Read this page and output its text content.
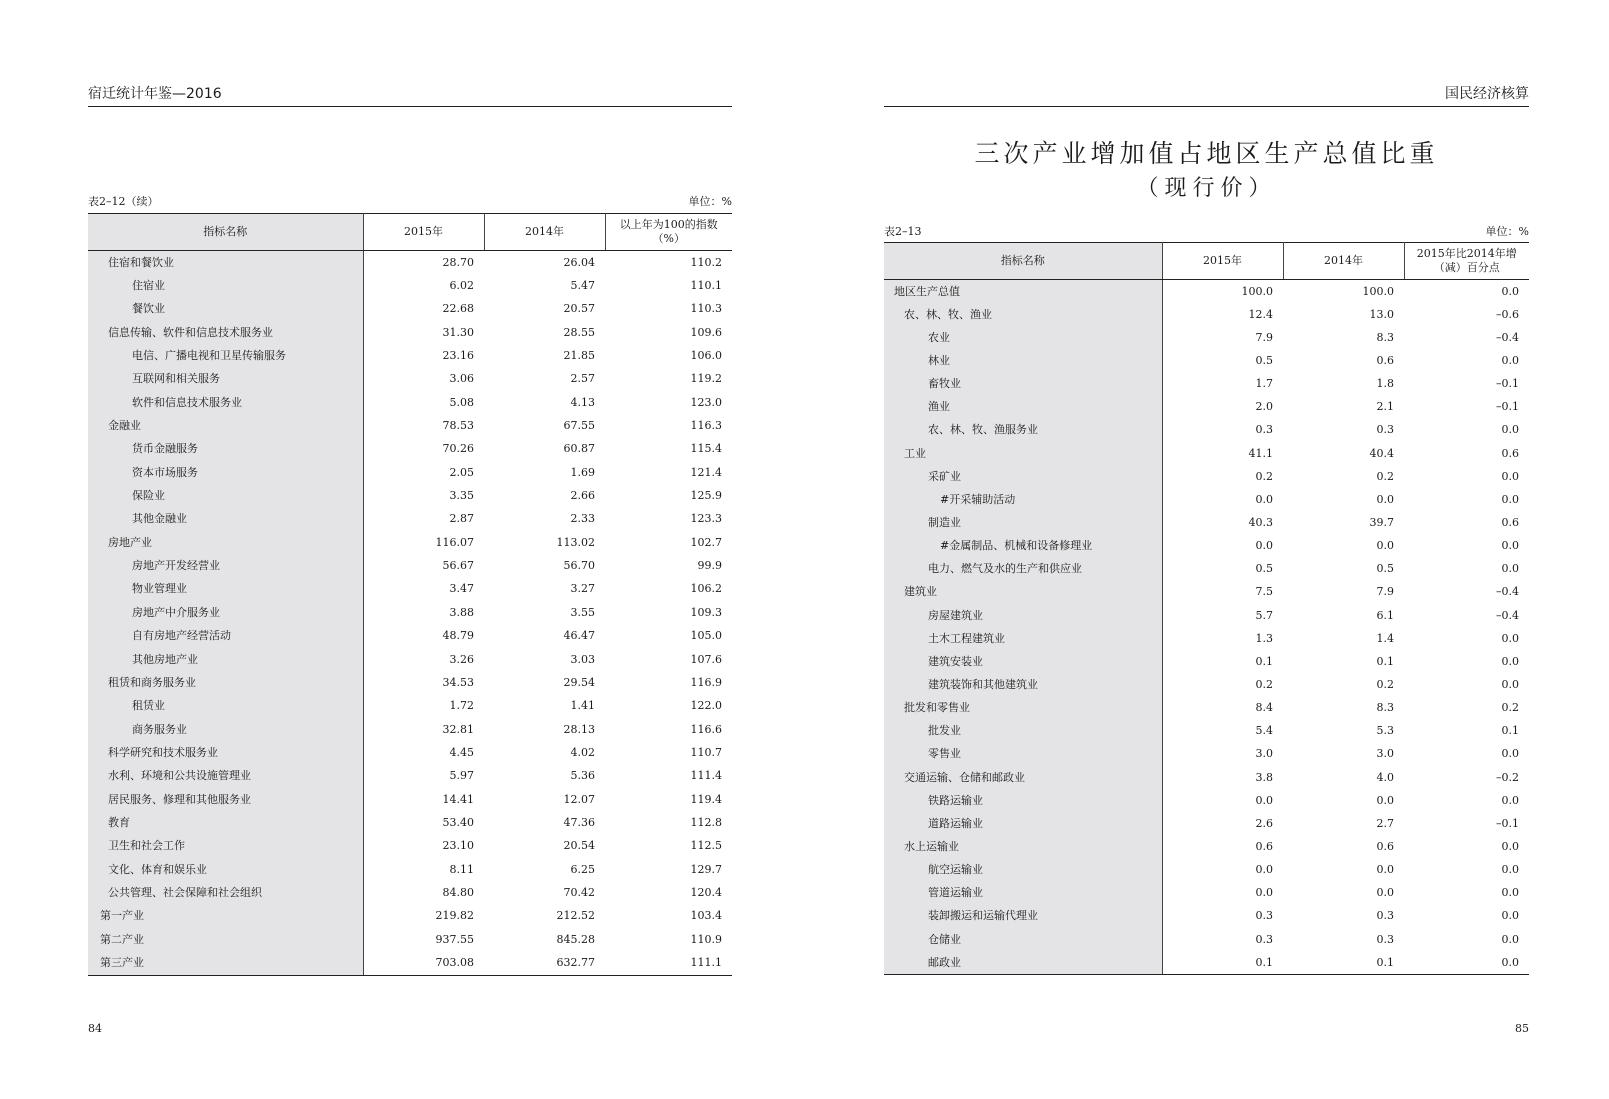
宿迁统计年鉴—2016
表2–12（续）	单位：%
指标名称	2015年	2014年	以上年为100的指数（%）
住宿和餐饮业	28.70	26.04	110.2
住宿业	6.02	5.47	110.1
餐饮业	22.68	20.57	110.3
信息传输、软件和信息技术服务业	31.30	28.55	109.6
电信、广播电视和卫星传输服务	23.16	21.85	106.0
互联网和相关服务	3.06	2.57	119.2
软件和信息技术服务业	5.08	4.13	123.0
金融业	78.53	67.55	116.3
货币金融服务	70.26	60.87	115.4
资本市场服务	2.05	1.69	121.4
保险业	3.35	2.66	125.9
其他金融业	2.87	2.33	123.3
房地产业	116.07	113.02	102.7
房地产开发经营业	56.67	56.70	99.9
物业管理业	3.47	3.27	106.2
房地产中介服务业	3.88	3.55	109.3
自有房地产经营活动	48.79	46.47	105.0
其他房地产业	3.26	3.03	107.6
租赁和商务服务业	34.53	29.54	116.9
租赁业	1.72	1.41	122.0
商务服务业	32.81	28.13	116.6
科学研究和技术服务业	4.45	4.02	110.7
水利、环境和公共设施管理业	5.97	5.36	111.4
居民服务、修理和其他服务业	14.41	12.07	119.4
教育	53.40	47.36	112.8
卫生和社会工作	23.10	20.54	112.5
文化、体育和娱乐业	8.11	6.25	129.7
公共管理、社会保障和社会组织	84.80	70.42	120.4
第一产业	219.82	212.52	103.4
第二产业	937.55	845.28	110.9
第三产业	703.08	632.77	111.1
84
国民经济核算
三次产业增加值占地区生产总值比重
（现行价）
表2–13	单位：%
指标名称	2015年	2014年	2015年比2014年增（减）百分点
地区生产总值	100.0	100.0	0.0
农、林、牧、渔业	12.4	13.0	–0.6
农业	7.9	8.3	–0.4
林业	0.5	0.6	0.0
畜牧业	1.7	1.8	–0.1
渔业	2.0	2.1	–0.1
农、林、牧、渔服务业	0.3	0.3	0.0
工业	41.1	40.4	0.6
采矿业	0.2	0.2	0.0
#开采辅助活动	0.0	0.0	0.0
制造业	40.3	39.7	0.6
#金属制品、机械和设备修理业	0.0	0.0	0.0
电力、燃气及水的生产和供应业	0.5	0.5	0.0
建筑业	7.5	7.9	–0.4
房屋建筑业	5.7	6.1	–0.4
土木工程建筑业	1.3	1.4	0.0
建筑安装业	0.1	0.1	0.0
建筑装饰和其他建筑业	0.2	0.2	0.0
批发和零售业	8.4	8.3	0.2
批发业	5.4	5.3	0.1
零售业	3.0	3.0	0.0
交通运输、仓储和邮政业	3.8	4.0	–0.2
铁路运输业	0.0	0.0	0.0
道路运输业	2.6	2.7	–0.1
水上运输业	0.6	0.6	0.0
航空运输业	0.0	0.0	0.0
管道运输业	0.0	0.0	0.0
装卸搬运和运输代理业	0.3	0.3	0.0
仓储业	0.3	0.3	0.0
邮政业	0.1	0.1	0.0
85
